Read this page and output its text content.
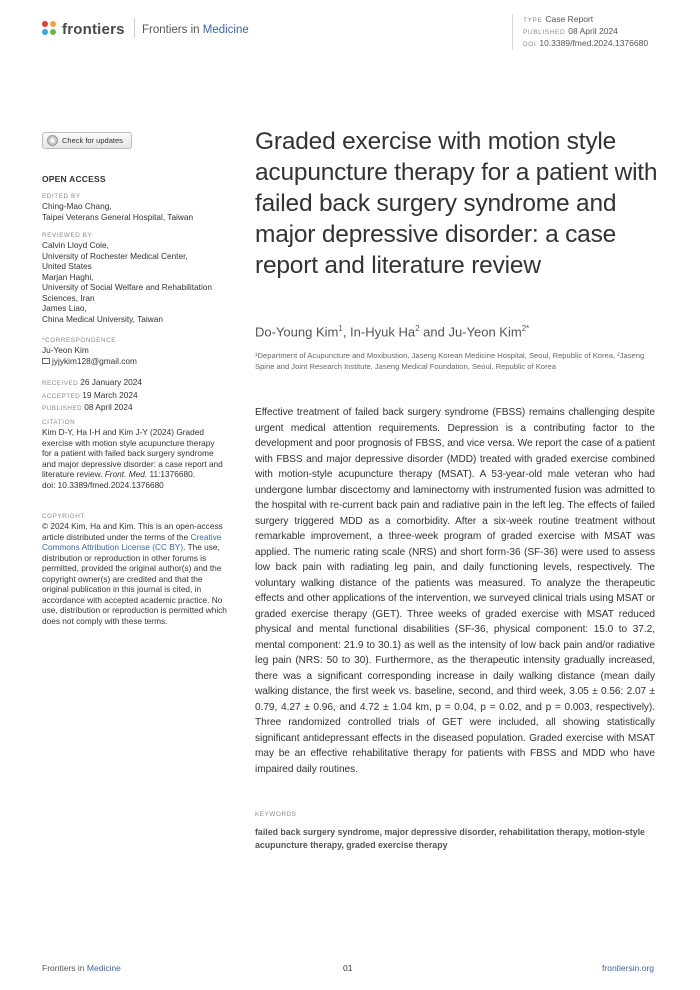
frontiers Frontiers in Medicine
TYPE Case Report
PUBLISHED 08 April 2024
DOI 10.3389/fmed.2024.1376680
Check for updates
OPEN ACCESS
EDITED BY
Ching-Mao Chang,
Taipei Veterans General Hospital, Taiwan
REVIEWED BY
Calvin Lloyd Cole,
University of Rochester Medical Center,
United States
Marjan Haghi,
University of Social Welfare and Rehabilitation
Sciences, Iran
James Liao,
China Medical University, Taiwan
*CORRESPONDENCE
Ju-Yeon Kim
jyjykim128@gmail.com
RECEIVED 26 January 2024
ACCEPTED 19 March 2024
PUBLISHED 08 April 2024
CITATION
Kim D-Y, Ha I-H and Kim J-Y (2024) Graded exercise with motion style acupuncture therapy for a patient with failed back surgery syndrome and major depressive disorder: a case report and literature review. Front. Med. 11:1376680.
doi: 10.3389/fmed.2024.1376680
COPYRIGHT
© 2024 Kim, Ha and Kim. This is an open-access article distributed under the terms of the Creative Commons Attribution License (CC BY). The use, distribution or reproduction in other forums is permitted, provided the original author(s) and the copyright owner(s) are credited and that the original publication in this journal is cited, in accordance with accepted academic practice. No use, distribution or reproduction is permitted which does not comply with these terms.
Graded exercise with motion style acupuncture therapy for a patient with failed back surgery syndrome and major depressive disorder: a case report and literature review
Do-Young Kim$^1$, In-Hyuk Ha$^2$ and Ju-Yeon Kim$^{2*}$
¹Department of Acupuncture and Moxibustion, Jaseng Korean Medicine Hospital, Seoul, Republic of Korea, ²Jaseng Spine and Joint Research Institute, Jaseng Medical Foundation, Seoul, Republic of Korea
Effective treatment of failed back surgery syndrome (FBSS) remains challenging despite urgent medical attention requirements. Depression is a contributing factor to the development and poor prognosis of FBSS, and vice versa. We report the case of a patient with FBSS and major depressive disorder (MDD) treated with graded exercise combined with motion-style acupuncture therapy (MSAT). A 53-year-old male veteran who had undergone lumbar discectomy and laminectomy with instrumented fusion was admitted to the hospital with re-current back pain and radiative pain in the left leg. The effects of failed surgery triggered MDD as a comorbidity. After a six-week routine treatment without remarkable improvement, a three-week program of graded exercise with MSAT was applied. The numeric rating scale (NRS) and short form-36 (SF-36) were used to assess low back pain with radiating leg pain, and daily functioning levels, respectively. The voluntary walking distance of the patients was measured. To analyze the therapeutic effects and other applications of the intervention, we surveyed clinical trials using MSAT or graded exercise therapy (GET). Three weeks of graded exercise with MSAT reduced physical and mental functional disabilities (SF-36, physical component: 15.0 to 37.2, mental component: 21.9 to 30.1) as well as the intensity of low back pain and/or radiative leg pain (NRS: 50 to 30). Furthermore, as the therapeutic intensity gradually increased, there was a significant corresponding increase in daily walking distance (mean daily walking distance, the first week vs. baseline, second, and third week, 3.05 ± 0.56: 2.07 ± 0.79, 4.27 ± 0.96, and 4.72 ± 1.04 km, p = 0.04, p = 0.02, and p = 0.003, respectively). Three randomized controlled trials of GET were included, all showing statistically significant antidepressant effects in the diseased population. Graded exercise with MSAT may be an effective rehabilitative therapy for patients with FBSS and MDD who have impaired daily routines.
KEYWORDS
failed back surgery syndrome, major depressive disorder, rehabilitation therapy, motion-style acupuncture therapy, graded exercise therapy
Frontiers in Medicine	01	frontiersin.org
